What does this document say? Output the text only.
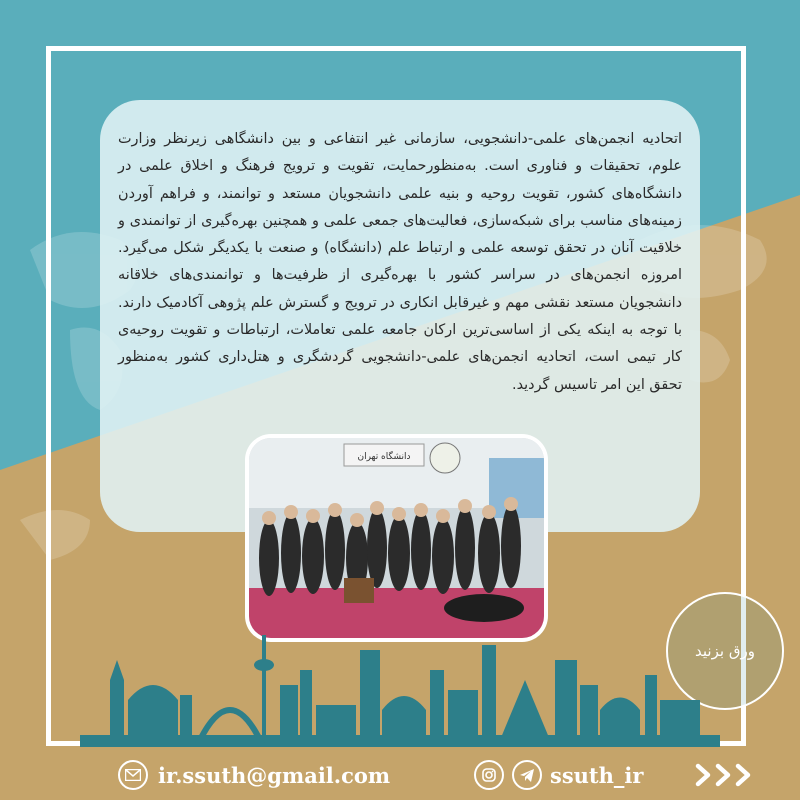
اتحادیه انجمن‌های علمی-دانشجویی، سازمانی غیر انتفاعی و بین دانشگاهی زیرنظر وزارت علوم، تحقیقات و فناوری است. به‌منظورحمایت، تقویت و ترویج فرهنگ و اخلاق علمی در دانشگاه‌های کشور، تقویت روحیه و بنیه علمی دانشجویان مستعد و توانمند، و فراهم آوردن زمینه‌های مناسب برای شبکه‌سازی، فعالیت‌های جمعی علمی و همچنین بهره‌گیری از توانمندی و خلاقیت آنان در تحقق توسعه علمی و ارتباط علم (دانشگاه) و صنعت با یکدیگر شکل می‌گیرد. امروزه انجمن‌های در سراسر کشور با بهره‌گیری از ظرفیت‌ها و توانمندی‌های خلاقانه دانشجویان مستعد نقشی مهم و غیرقابل انکاری در ترویج و گسترش علم پژوهی آکادمیک دارند. با توجه به اینکه یکی از اساسی‌ترین ارکان جامعه علمی تعاملات، ارتباطات و تقویت روحیه‌ی کار تیمی است، اتحادیه انجمن‌های علمی-دانشجویی گردشگری و هتل‌داری کشور به‌منظور تحقق این امر تاسیس گردید.

دانشگاه تهران
ورق بزنید
ir.ssuth@gmail.com	ssuth_ir
